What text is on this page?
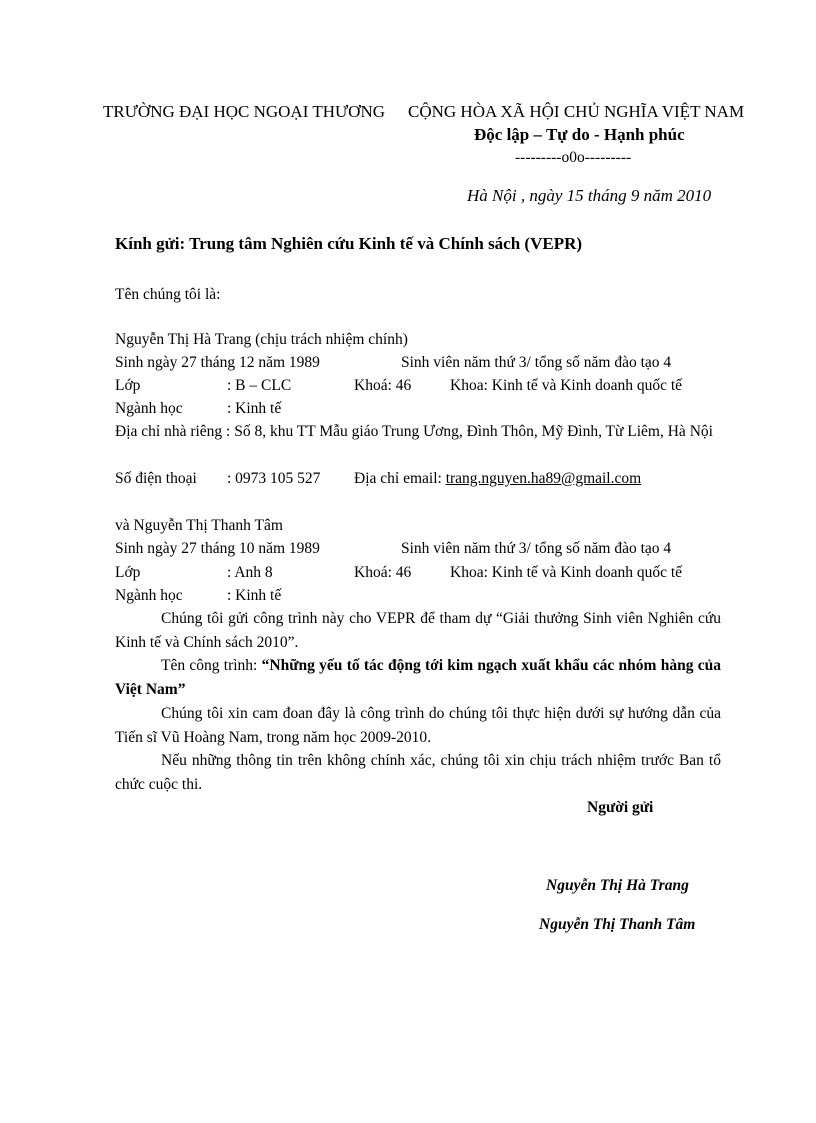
TRƯỜNG ĐẠI HỌC NGOẠI THƯƠNG CỘNG HÒA XÃ HỘI CHỦ NGHĨA VIỆT NAM
Độc lập – Tự do - Hạnh phúc
---------o0o---------
Hà Nội , ngày 15 tháng 9 năm 2010
Kính gửi: Trung tâm Nghiên cứu Kinh tế và Chính sách (VEPR)
Tên chúng tôi là:
Nguyễn Thị Hà Trang (chịu trách nhiệm chính)
Sinh ngày 27 tháng 12 năm 1989	Sinh viên năm thứ 3/ tổng số năm đào tạo 4
Lớp	: B – CLC	Khoá: 46 Khoa: Kinh tế và Kinh doanh quốc tế
Ngành học	: Kinh tế
Địa chỉ nhà riêng : Số 8, khu TT Mẫu giáo Trung Ương, Đình Thôn, Mỹ Đình, Từ Liêm, Hà Nội
Số điện thoại : 0973 105 527 Địa chỉ email: trang.nguyen.ha89@gmail.com
và Nguyễn Thị Thanh Tâm
Sinh ngày 27 tháng 10 năm 1989	Sinh viên năm thứ 3/ tổng số năm đào tạo 4
Lớp	: Anh 8	Khoá: 46 Khoa: Kinh tế và Kinh doanh quốc tế
Ngành học	: Kinh tế
Chúng tôi gửi công trình này cho VEPR để tham dự “Giải thưởng Sinh viên Nghiên cứu Kinh tế và Chính sách 2010”.
Tên công trình: “Những yếu tố tác động tới kim ngạch xuất khẩu các nhóm hàng của Việt Nam”
Chúng tôi xin cam đoan đây là công trình do chúng tôi thực hiện dưới sự hướng dẫn của Tiến sĩ Vũ Hoàng Nam, trong năm học 2009-2010.
Nếu những thông tin trên không chính xác, chúng tôi xin chịu trách nhiệm trước Ban tổ chức cuộc thi.
Người gửi
Nguyễn Thị Hà Trang
Nguyễn Thị Thanh Tâm
